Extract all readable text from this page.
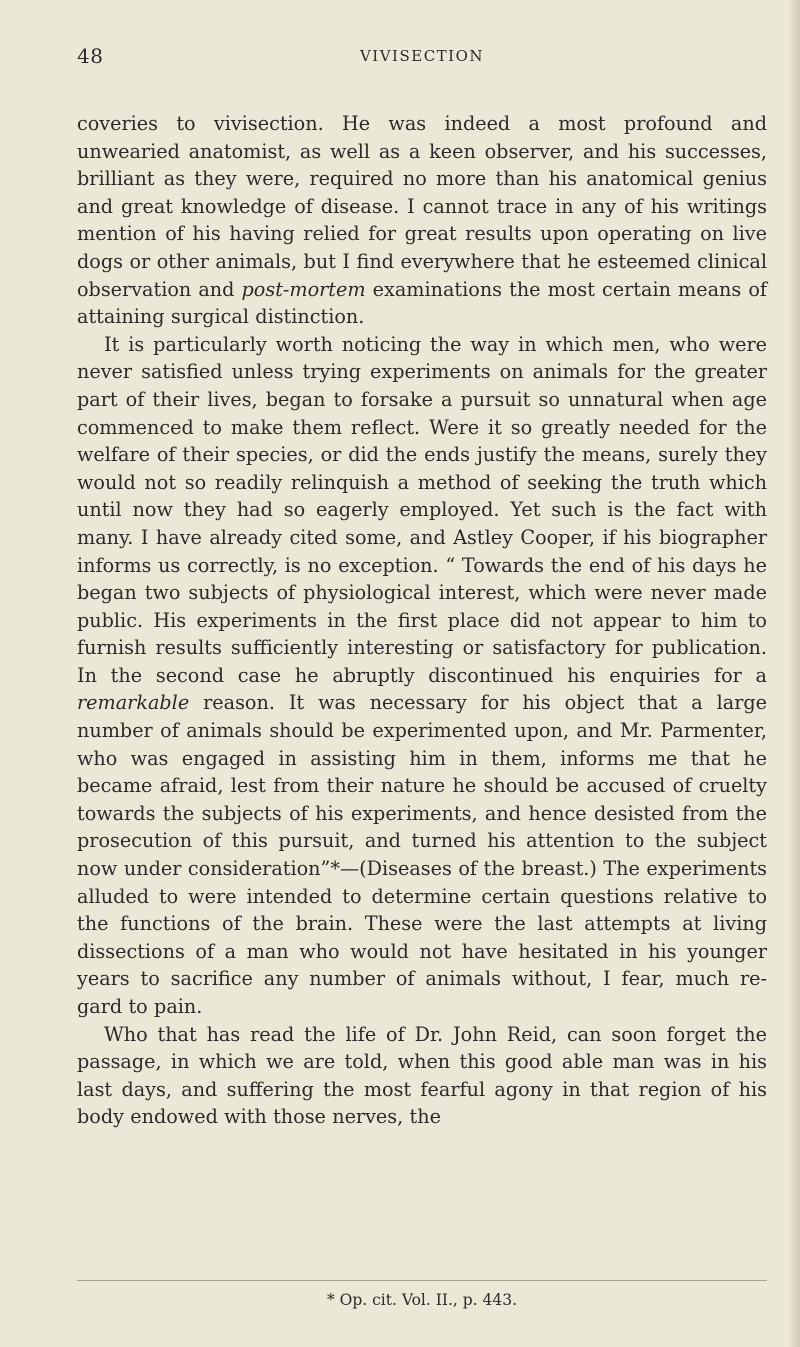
48	VIVISECTION

coveries to vivisection. He was indeed a most profound and unwearied anatomist, as well as a keen observer, and his successes, brilliant as they were, required no more than his anatomical genius and great knowledge of disease. I cannot trace in any of his writings mention of his having relied for great results upon operating on live dogs or other animals, but I find everywhere that he esteemed clinical observation and post-mortem examinations the most certain means of attaining surgical distinction.

It is particularly worth noticing the way in which men, who were never satisfied unless trying experiments on animals for the greater part of their lives, began to forsake a pursuit so unnatural when age commenced to make them reflect. Were it so greatly needed for the welfare of their species, or did the ends justify the means, surely they would not so readily relinquish a method of seeking the truth which until now they had so eagerly employed. Yet such is the fact with many. I have already cited some, and Astley Cooper, if his biographer informs us correctly, is no exception. “ Towards the end of his days he began two subjects of physiological interest, which were never made public. His experiments in the first place did not appear to him to furnish results sufficiently interesting or satisfactory for publication. In the second case he abruptly discontinued his enquiries for a remarkable reason. It was necessary for his object that a large number of animals should be experimented upon, and Mr. Parmenter, who was engaged in assisting him in them, informs me that he became afraid, lest from their nature he should be accused of cruelty towards the subjects of his experiments, and hence desisted from the prosecution of this pursuit, and turned his attention to the subject now under consideration”*—(Diseases of the breast.) The experiments alluded to were intended to determine certain questions relative to the functions of the brain. These were the last attempts at living dissections of a man who would not have hesitated in his younger years to sacrifice any number of animals without, I fear, much re- gard to pain.

Who that has read the life of Dr. John Reid, can soon forget the passage, in which we are told, when this good able man was in his last days, and suffering the most fearful agony in that region of his body endowed with those nerves, the

* Op. cit. Vol. II., p. 443.
